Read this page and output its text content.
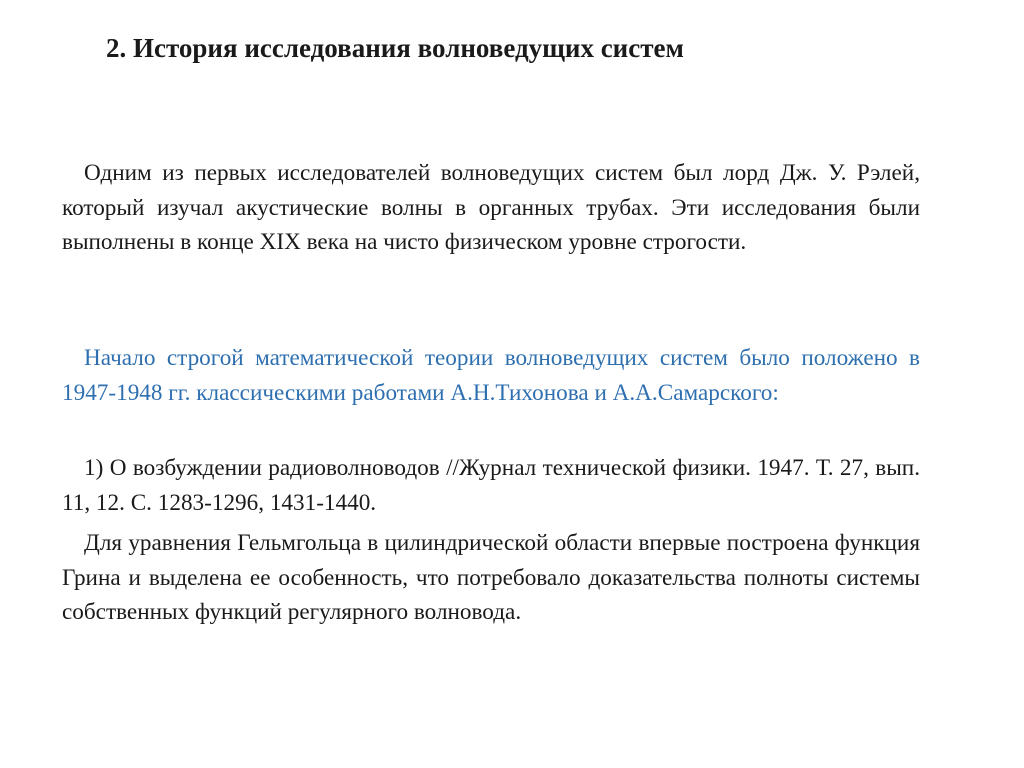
2. История исследования волноведущих систем

Одним из первых исследователей волноведущих систем был лорд Дж. У. Рэлей, который изучал акустические волны в органных трубах. Эти исследования были выполнены в конце XIX века на чисто физическом уровне строгости.

Начало строгой математической теории волноведущих систем было положено в 1947-1948 гг. классическими работами А.Н.Тихонова и А.А.Самарского:

1) О возбуждении радиоволноводов //Журнал технической физики. 1947. Т. 27, вып. 11, 12. С. 1283-1296, 1431-1440.

Для уравнения Гельмгольца в цилиндрической области впервые построена функция Грина и выделена ее особенность, что потребовало доказательства полноты системы собственных функций регулярного волновода.
